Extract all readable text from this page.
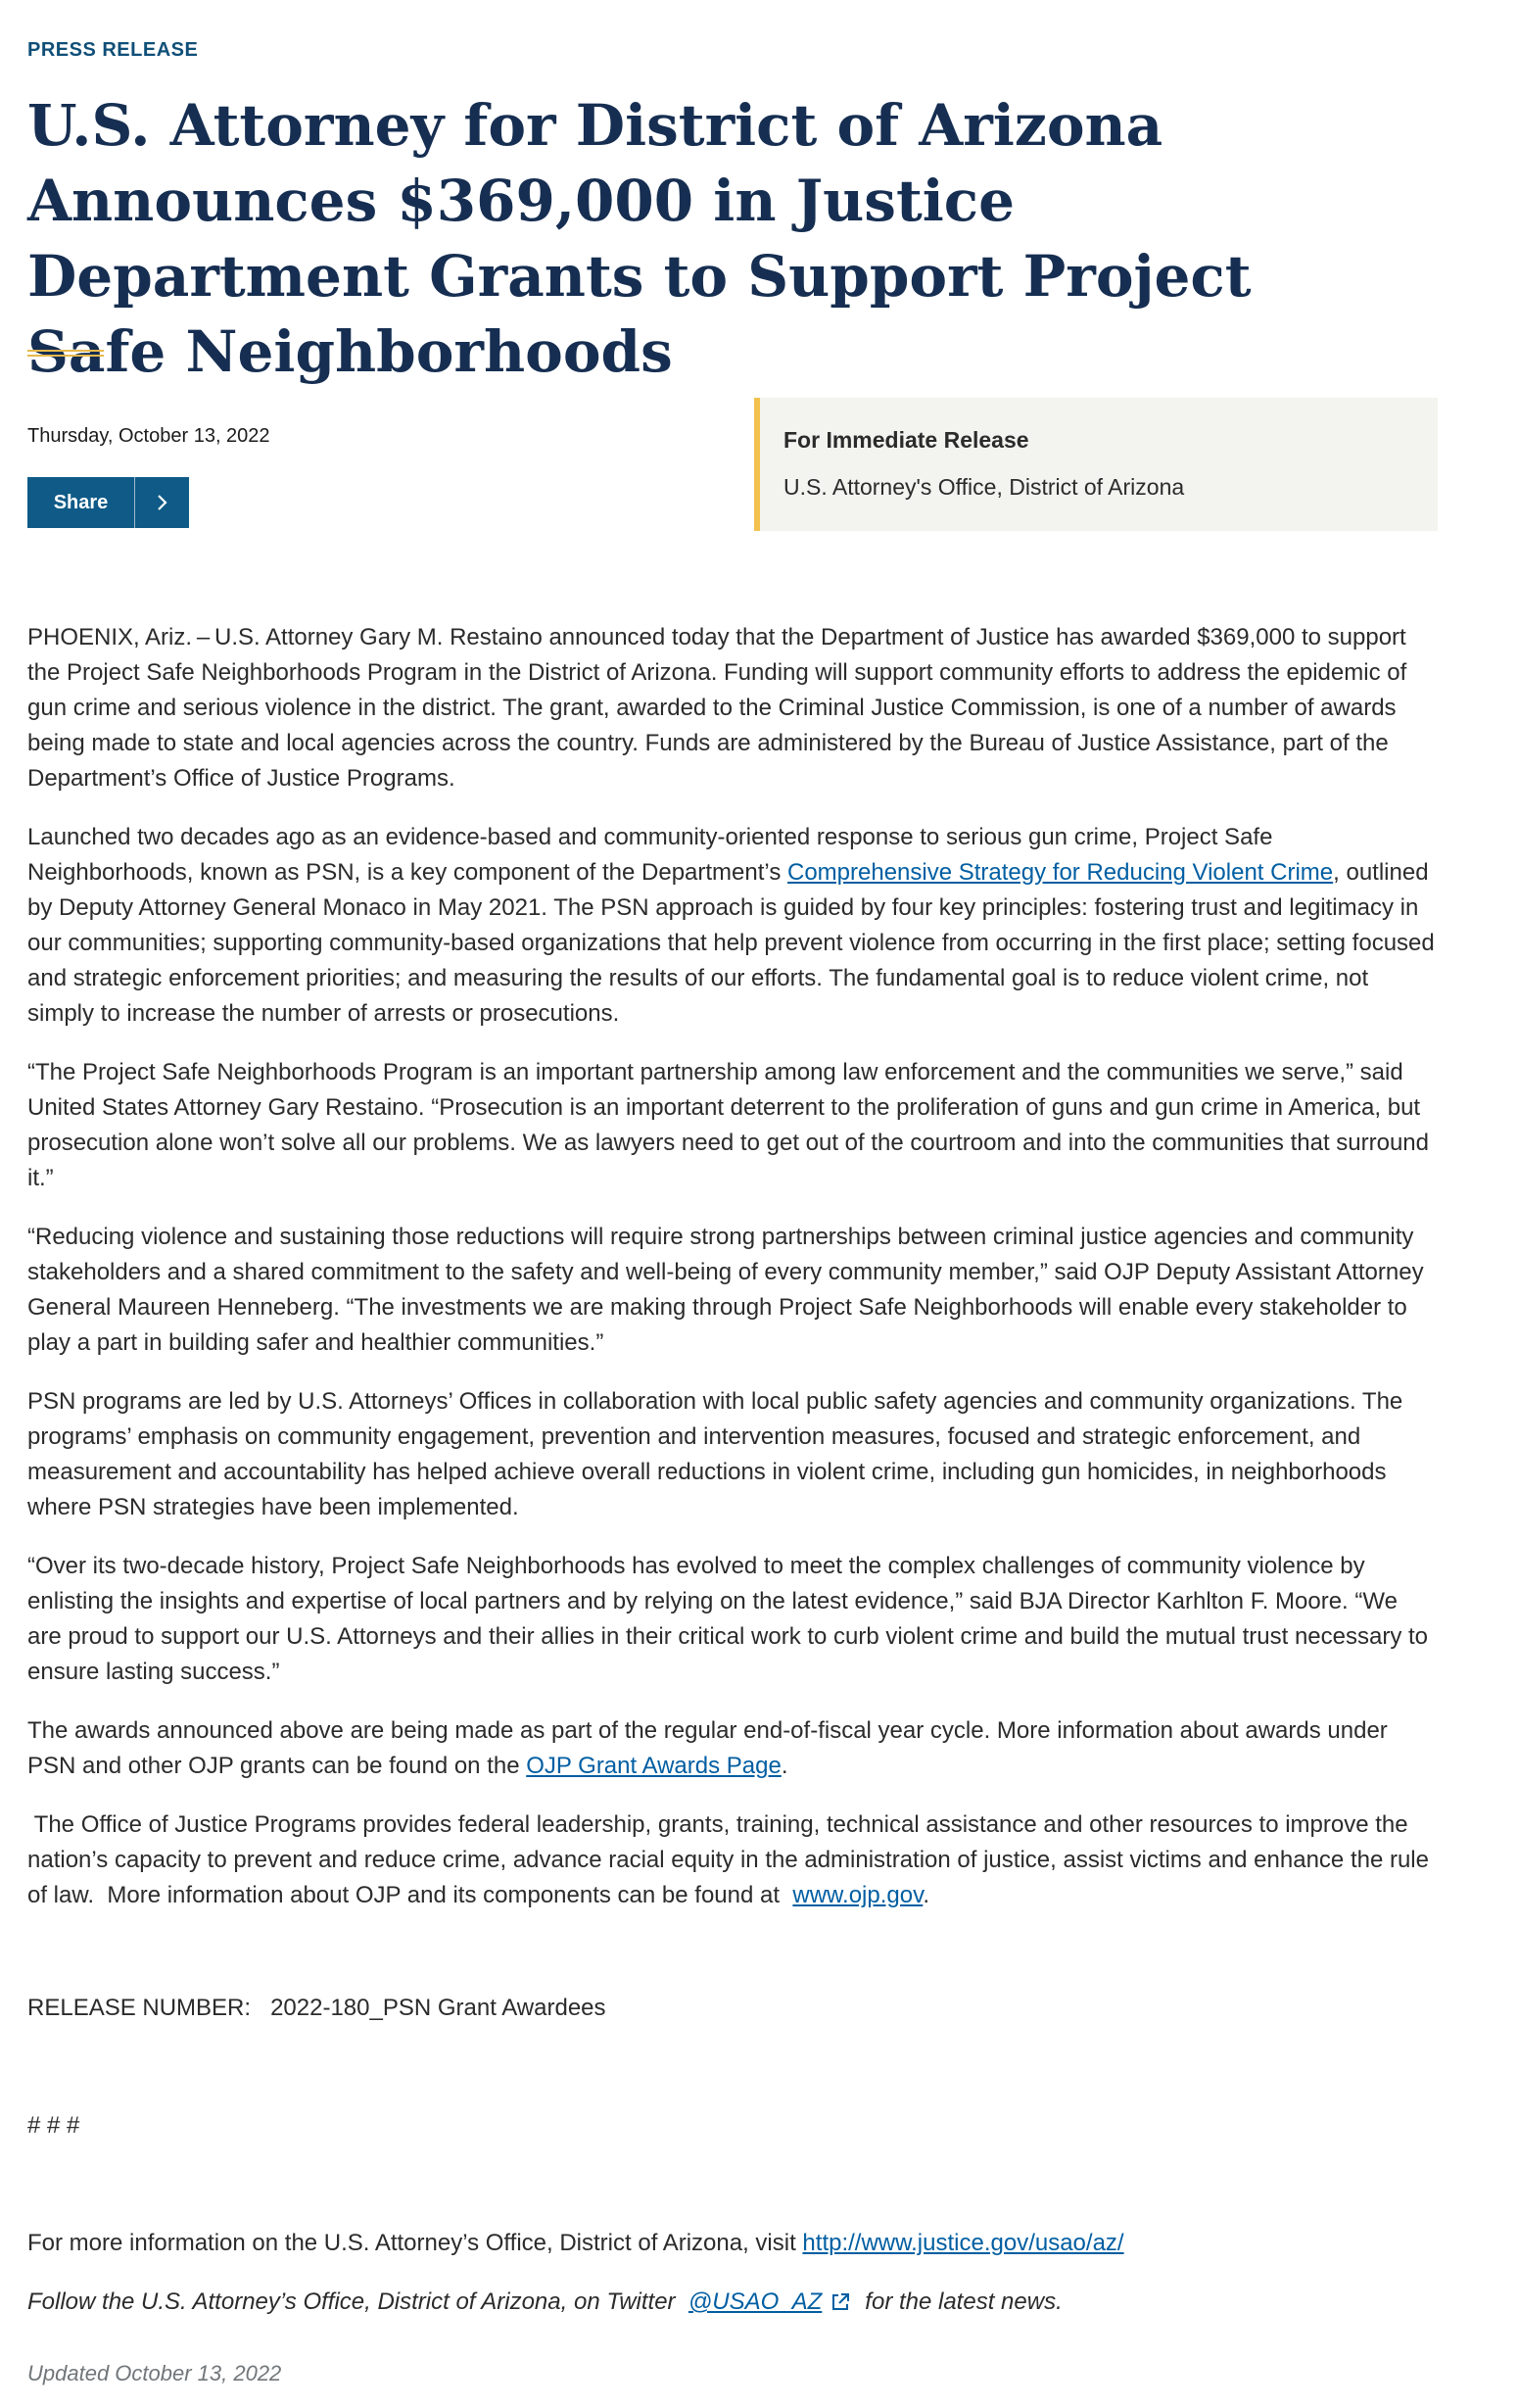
PRESS RELEASE
U.S. Attorney for District of Arizona Announces $369,000 in Justice Department Grants to Support Project Safe Neighborhoods
Thursday, October 13, 2022
Share
For Immediate Release
U.S. Attorney's Office, District of Arizona

PHOENIX, Ariz. – U.S. Attorney Gary M. Restaino announced today that the Department of Justice has awarded $369,000 to support the Project Safe Neighborhoods Program in the District of Arizona. Funding will support community efforts to address the epidemic of gun crime and serious violence in the district. The grant, awarded to the Criminal Justice Commission, is one of a number of awards being made to state and local agencies across the country. Funds are administered by the Bureau of Justice Assistance, part of the Department’s Office of Justice Programs.

Launched two decades ago as an evidence-based and community-oriented response to serious gun crime, Project Safe Neighborhoods, known as PSN, is a key component of the Department’s Comprehensive Strategy for Reducing Violent Crime, outlined by Deputy Attorney General Monaco in May 2021. The PSN approach is guided by four key principles: fostering trust and legitimacy in our communities; supporting community-based organizations that help prevent violence from occurring in the first place; setting focused and strategic enforcement priorities; and measuring the results of our efforts. The fundamental goal is to reduce violent crime, not simply to increase the number of arrests or prosecutions.

“The Project Safe Neighborhoods Program is an important partnership among law enforcement and the communities we serve,” said United States Attorney Gary Restaino. “Prosecution is an important deterrent to the proliferation of guns and gun crime in America, but prosecution alone won’t solve all our problems. We as lawyers need to get out of the courtroom and into the communities that surround it.”

“Reducing violence and sustaining those reductions will require strong partnerships between criminal justice agencies and community stakeholders and a shared commitment to the safety and well-being of every community member,” said OJP Deputy Assistant Attorney General Maureen Henneberg. “The investments we are making through Project Safe Neighborhoods will enable every stakeholder to play a part in building safer and healthier communities.”

PSN programs are led by U.S. Attorneys’ Offices in collaboration with local public safety agencies and community organizations. The programs’ emphasis on community engagement, prevention and intervention measures, focused and strategic enforcement, and measurement and accountability has helped achieve overall reductions in violent crime, including gun homicides, in neighborhoods where PSN strategies have been implemented.

“Over its two-decade history, Project Safe Neighborhoods has evolved to meet the complex challenges of community violence by enlisting the insights and expertise of local partners and by relying on the latest evidence,” said BJA Director Karhlton F. Moore. “We are proud to support our U.S. Attorneys and their allies in their critical work to curb violent crime and build the mutual trust necessary to ensure lasting success.”

The awards announced above are being made as part of the regular end-of-fiscal year cycle. More information about awards under PSN and other OJP grants can be found on the OJP Grant Awards Page.

The Office of Justice Programs provides federal leadership, grants, training, technical assistance and other resources to improve the nation’s capacity to prevent and reduce crime, advance racial equity in the administration of justice, assist victims and enhance the rule of law.  More information about OJP and its components can be found at  www.ojp.gov.

RELEASE NUMBER: 2022-180_PSN Grant Awardees
# # #
For more information on the U.S. Attorney’s Office, District of Arizona, visit http://www.justice.gov/usao/az/
Follow the U.S. Attorney’s Office, District of Arizona, on Twitter
@USAO_AZ for the latest news.
Updated October 13, 2022
